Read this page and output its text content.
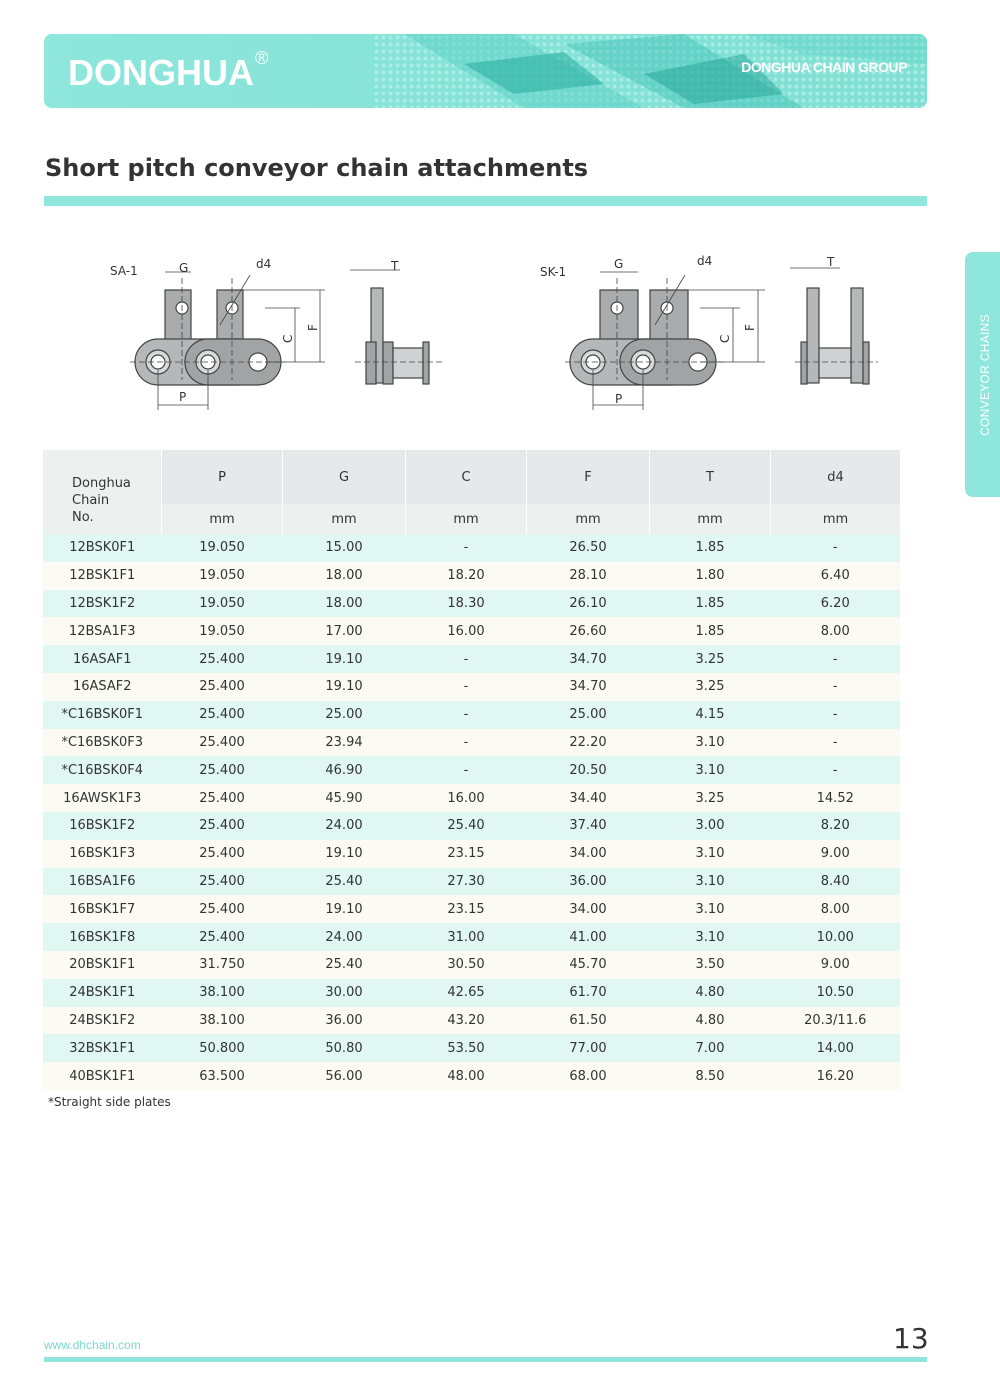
DONGHUA®	DONGHUA CHAIN GROUP
Short pitch conveyor chain attachments
CONVEYOR CHAINS
SA-1	G	d4
C
F
P
T	SK-1
G	d4
C
F
P
T
Donghua Chain No.	P	G	C	F	T	d4
	mm	mm	mm	mm	mm	mm
12BSK0F1	19.050	15.00	-	26.50	1.85	-
12BSK1F1	19.050	18.00	18.20	28.10	1.80	6.40
12BSK1F2	19.050	18.00	18.30	26.10	1.85	6.20
12BSA1F3	19.050	17.00	16.00	26.60	1.85	8.00
16ASAF1	25.400	19.10	-	34.70	3.25	-
16ASAF2	25.400	19.10	-	34.70	3.25	-
*C16BSK0F1	25.400	25.00	-	25.00	4.15	-
*C16BSK0F3	25.400	23.94	-	22.20	3.10	-
*C16BSK0F4	25.400	46.90	-	20.50	3.10	-
16AWSK1F3	25.400	45.90	16.00	34.40	3.25	14.52
16BSK1F2	25.400	24.00	25.40	37.40	3.00	8.20
16BSK1F3	25.400	19.10	23.15	34.00	3.10	9.00
16BSA1F6	25.400	25.40	27.30	36.00	3.10	8.40
16BSK1F7	25.400	19.10	23.15	34.00	3.10	8.00
16BSK1F8	25.400	24.00	31.00	41.00	3.10	10.00
20BSK1F1	31.750	25.40	30.50	45.70	3.50	9.00
24BSK1F1	38.100	30.00	42.65	61.70	4.80	10.50
24BSK1F2	38.100	36.00	43.20	61.50	4.80	20.3/11.6
32BSK1F1	50.800	50.80	53.50	77.00	7.00	14.00
40BSK1F1	63.500	56.00	48.00	68.00	8.50	16.20
*Straight side plates
www.dhchain.com	13
